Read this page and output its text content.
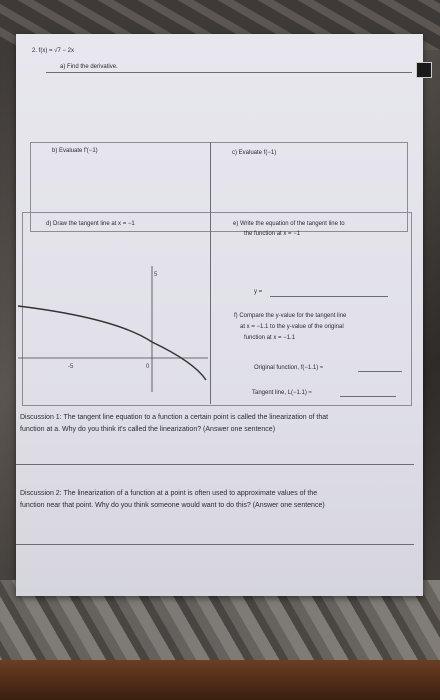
2. f(x) = √7 − 2x
a) Find the derivative.
b) Evaluate f′(−1)	c) Evaluate f(−1)
d) Draw the tangent line at x = −1	e) Write the equation of the tangent line to
the function at x = −1
5
-5	0
y =
f) Compare the y-value for the tangent line
at x = −1.1 to the y-value of the original
function at x = −1.1
Original function, f(−1.1) ≈
Tangent line, L(−1.1) ≈
Discussion 1: The tangent line equation to a function a certain point is called the linearization of that
function at a. Why do you think it's called the linearization? (Answer one sentence)
Discussion 2: The linearization of a function at a point is often used to approximate values of the
function near that point. Why do you think someone would want to do this? (Answer one sentence)
